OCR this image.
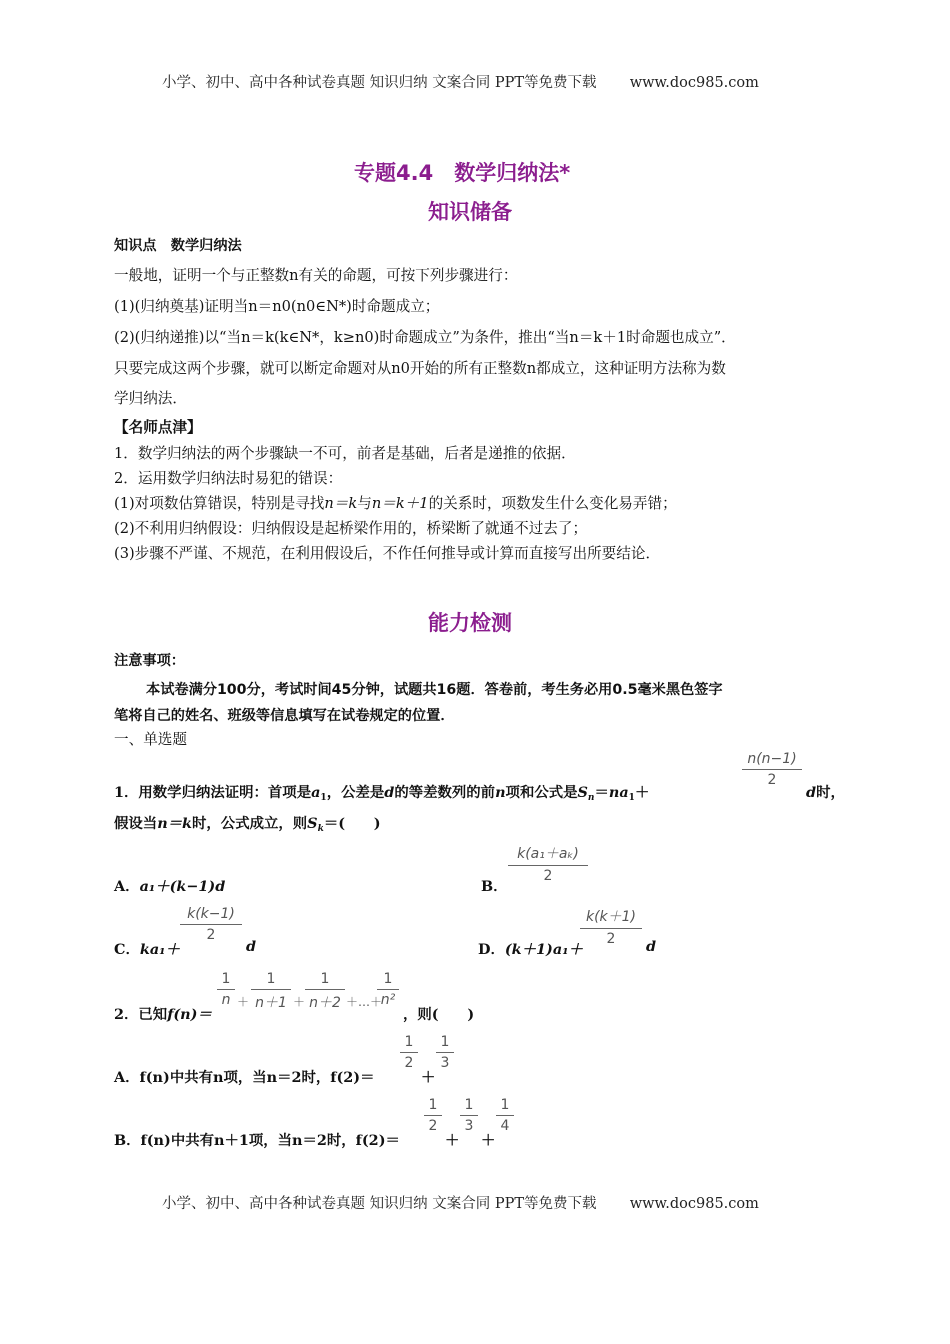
小学、初中、高中各种试卷真题 知识归纳 文案合同 PPT等免费下载 www.doc985.com
专题4.4　数学归纳法*
知识储备
知识点　数学归纳法
一般地，证明一个与正整数n有关的命题，可按下列步骤进行：
(1)(归纳奠基)证明当n＝n0(n0∈N*)时命题成立；
(2)(归纳递推)以“当n＝k(k∈N*，k≥n0)时命题成立”为条件，推出“当n＝k＋1时命题也成立”．
只要完成这两个步骤，就可以断定命题对从n0开始的所有正整数n都成立，这种证明方法称为数
学归纳法．
【名师点津】
1．数学归纳法的两个步骤缺一不可，前者是基础，后者是递推的依据．
2．运用数学归纳法时易犯的错误：
(1)对项数估算错误，特别是寻找n＝k与n＝k＋1的关系时，项数发生什么变化易弄错；
(2)不利用归纳假设：归纳假设是起桥梁作用的，桥梁断了就通不过去了；
(3)步骤不严谨、不规范，在利用假设后，不作任何推导或计算而直接写出所要结论．
能力检测
注意事项：
本试卷满分100分，考试时间45分钟，试题共16题．答卷前，考生务必用0.5毫米黑色签字
笔将自己的姓名、班级等信息填写在试卷规定的位置．
一、单选题
1．用数学归纳法证明：首项是$a_1$，公差是d的等差数列的前n项和公式是$S_n=na_1+$
$\frac{n(n-1)}{2}$
d时，
假设当n＝k时，公式成立，则$S_k=$(　　)
A．a₁＋(k−1)d	B．
$\frac{\text{k(a₁＋aₖ)}}{2}$
C．ka₁＋
$\frac{k(k-1)}{2}$
d	D．(k＋1)a₁＋
$\frac{k(k+1)}{2}$ d
2．已知f(n)＝
$\frac{1}{n} + \frac{1}{n+1} + \frac{1}{n+2}$ ＋…＋
$\frac{1}{\text{n²}}$
，则(　　)
A．f(n)中共有n项，当n＝2时，f(2)＝
$\frac{1}{2}$
＋
$\frac{1}{3}$
B．f(n)中共有n＋1项，当n＝2时，f(2)＝
$\frac{1}{2}$
＋
$\frac{1}{3}$
＋
$\frac{1}{4}$
小学、初中、高中各种试卷真题 知识归纳 文案合同 PPT等免费下载 www.doc985.com
